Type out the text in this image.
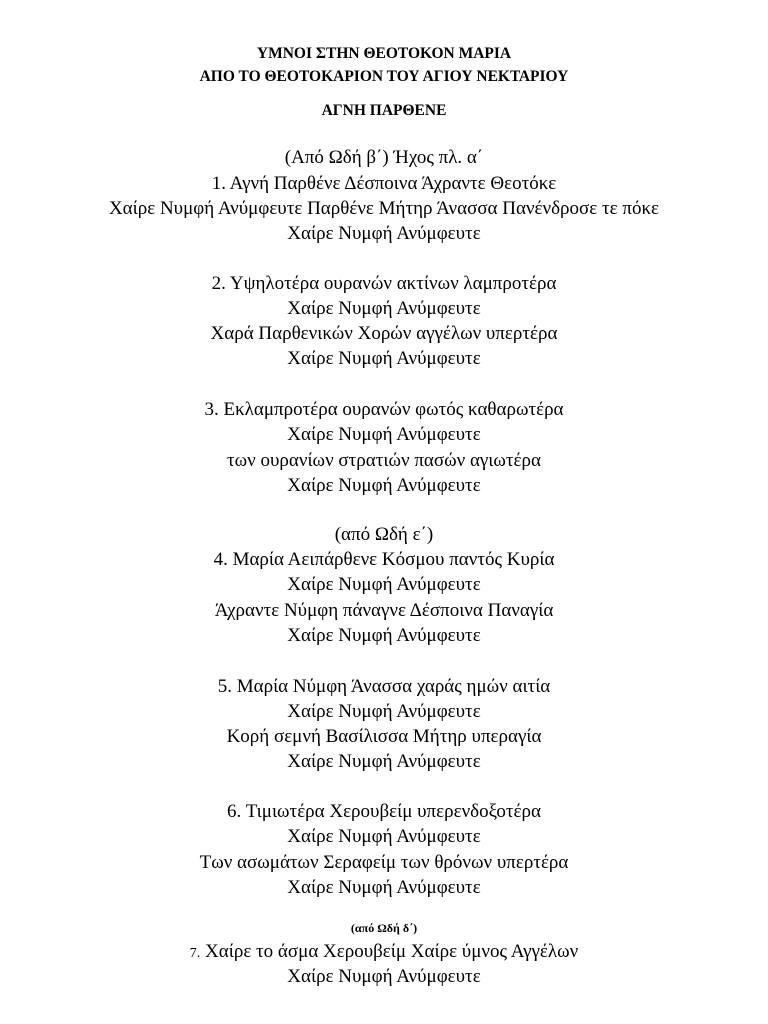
ΥΜΝΟΙ ΣΤΗΝ ΘΕΟΤΟΚΟΝ ΜΑΡΙΑ
ΑΠΟ ΤΟ ΘΕΟΤΟΚΑΡΙΟΝ ΤΟΥ ΑΓΙΟΥ ΝΕΚΤΑΡΙΟΥ
ΑΓΝΗ ΠΑΡΘΕΝΕ
(Από Ωδή β΄) Ήχος πλ. α΄
1. Αγνή Παρθένε Δέσποινα Άχραντε Θεοτόκε
Χαίρε Νυμφή Ανύμφευτε Παρθένε Μήτηρ Άνασσα Πανένδροσε τε πόκε
Χαίρε Νυμφή Ανύμφευτε
2. Υψηλοτέρα ουρανών ακτίνων λαμπροτέρα
Χαίρε Νυμφή Ανύμφευτε
Χαρά Παρθενικών Χορών αγγέλων υπερτέρα
Χαίρε Νυμφή Ανύμφευτε
3. Εκλαμπροτέρα ουρανών φωτός καθαρωτέρα
Χαίρε Νυμφή Ανύμφευτε
των ουρανίων στρατιών πασών αγιωτέρα
Χαίρε Νυμφή Ανύμφευτε
(από Ωδή ε΄)
4. Μαρία Αειπάρθενε Κόσμου παντός Κυρία
Χαίρε Νυμφή Ανύμφευτε
Άχραντε Νύμφη πάναγνε Δέσποινα Παναγία
Χαίρε Νυμφή Ανύμφευτε
5. Μαρία Νύμφη Άνασσα χαράς ημών αιτία
Χαίρε Νυμφή Ανύμφευτε
Κορή σεμνή Βασίλισσα Μήτηρ υπεραγία
Χαίρε Νυμφή Ανύμφευτε
6. Τιμιωτέρα Χερουβείμ υπερενδοξοτέρα
Χαίρε Νυμφή Ανύμφευτε
Των ασωμάτων Σεραφείμ των θρόνων υπερτέρα
Χαίρε Νυμφή Ανύμφευτε
(από Ωδή δ΄)
7. Χαίρε το άσμα Χερουβείμ Χαίρε ύμνος Αγγέλων
Χαίρε Νυμφή Ανύμφευτε
